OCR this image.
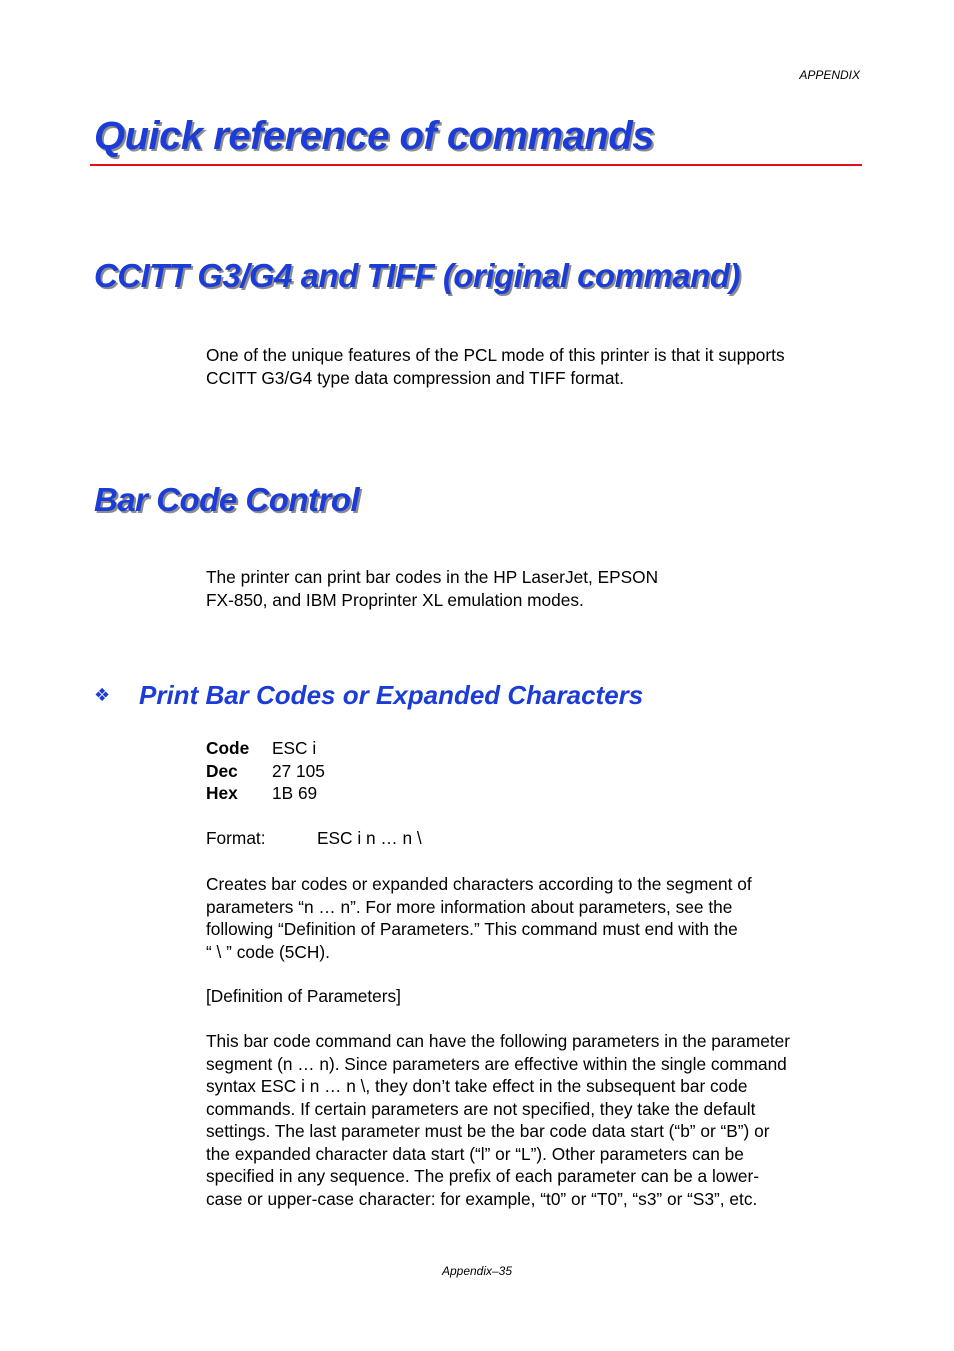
APPENDIX
Quick reference of commands
CCITT G3/G4 and TIFF (original command)

One of the unique features of the PCL mode of this printer is that it supports

CCITT G3/G4 type data compression and TIFF format.

Bar Code Control

The printer can print bar codes in the HP LaserJet, EPSON

FX-850, and IBM Proprinter XL emulation modes.

❖	Print Bar Codes or Expanded Characters
Code	ESC i
Dec	27 105
Hex	1B 69
Format:	ESC i n … n \

Creates bar codes or expanded characters according to the segment of

parameters “n … n”. For more information about parameters, see the

following “Definition of Parameters.” This command must end with the

“ \ ” code (5CH).

[Definition of Parameters]

This bar code command can have the following parameters in the parameter

segment (n … n). Since parameters are effective within the single command

syntax ESC i n … n \, they don’t take effect in the subsequent bar code

commands. If certain parameters are not specified, they take the default

settings. The last parameter must be the bar code data start (“b” or “B”) or

the expanded character data start (“l” or “L”). Other parameters can be

specified in any sequence. The prefix of each parameter can be a lower-

case or upper-case character: for example, “t0” or “T0”, “s3” or “S3”, etc.

Appendix–35
